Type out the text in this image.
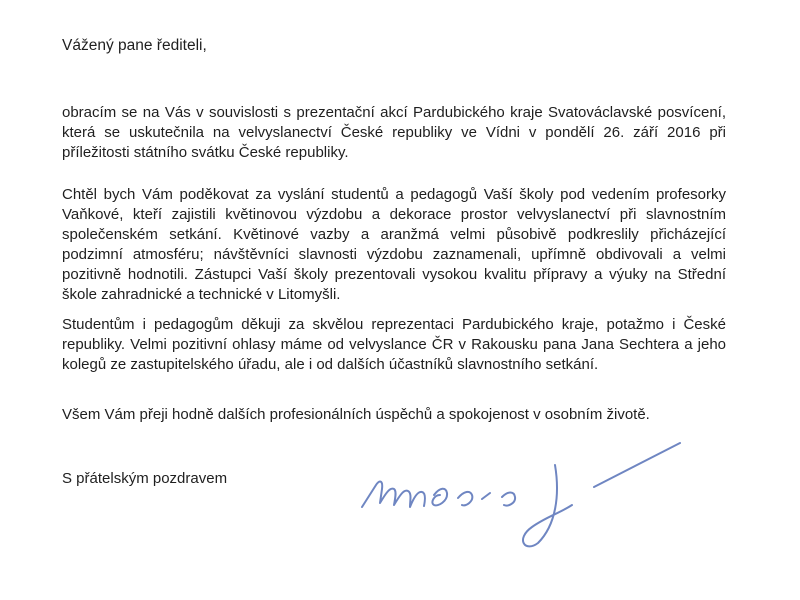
Vážený pane řediteli,

obracím se na Vás v souvislosti s prezentační akcí Pardubického kraje Svatováclavské posvícení, která se uskutečnila na velvyslanectví České republiky ve Vídni v pondělí 26. září 2016 při příležitosti státního svátku České republiky.

Chtěl bych Vám poděkovat za vyslání studentů a pedagogů Vaší školy pod vedením profesorky Vaňkové, kteří zajistili květinovou výzdobu a dekorace prostor velvyslanectví při slavnostním společenském setkání. Květinové vazby a aranžmá velmi působivě podkreslily přicházející podzimní atmosféru; návštěvníci slavnosti výzdobu zaznamenali, upřímně obdivovali a velmi pozitivně hodnotili. Zástupci Vaší školy prezentovali vysokou kvalitu přípravy a výuky na Střední škole zahradnické a technické v Litomyšli.

Studentům i pedagogům děkuji za skvělou reprezentaci Pardubického kraje, potažmo i České republiky. Velmi pozitivní ohlasy máme od velvyslance ČR v Rakousku pana Jana Sechtera a jeho kolegů ze zastupitelského úřadu, ale i od dalších účastníků slavnostního setkání.

Všem Vám přeji hodně dalších profesionálních úspěchů a spokojenost v osobním životě.

S přátelským pozdravem
